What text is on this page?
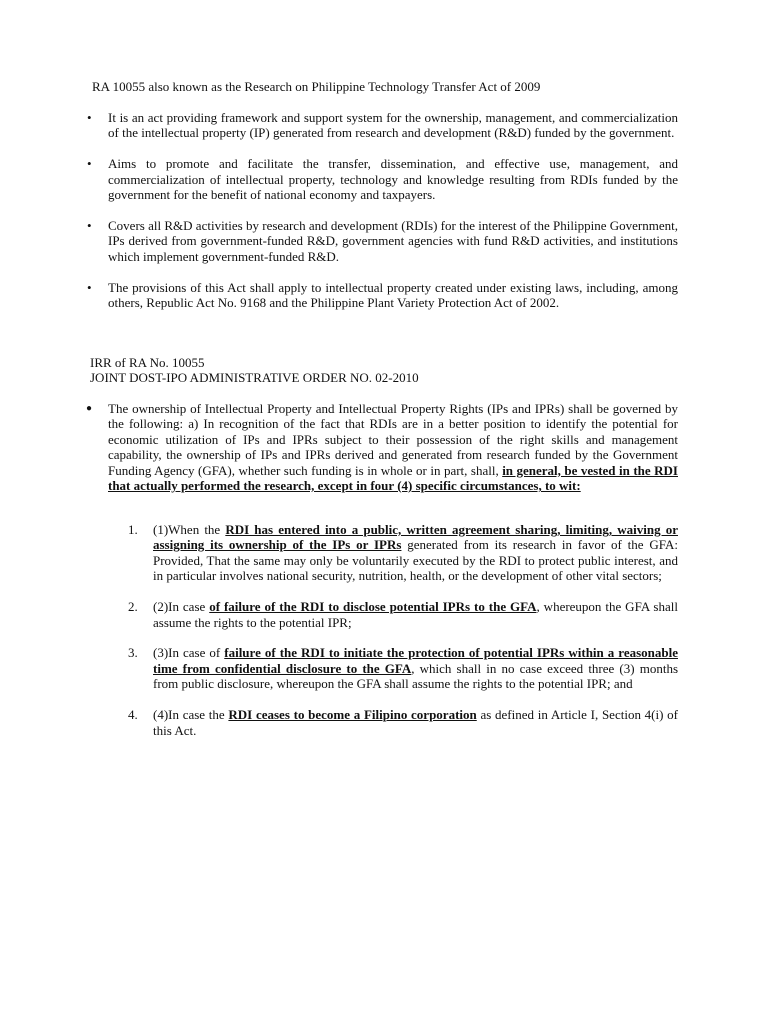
RA 10055 also known as the Research on Philippine Technology Transfer Act of 2009
• It is an act providing framework and support system for the ownership, management, and commercialization of the intellectual property (IP) generated from research and development (R&D) funded by the government.
• Aims to promote and facilitate the transfer, dissemination, and effective use, management, and commercialization of intellectual property, technology and knowledge resulting from RDIs funded by the government for the benefit of national economy and taxpayers.
• Covers all R&D activities by research and development (RDIs) for the interest of the Philippine Government, IPs derived from government-funded R&D, government agencies with fund R&D activities, and institutions which implement government-funded R&D.
• The provisions of this Act shall apply to intellectual property created under existing laws, including, among others, Republic Act No. 9168 and the Philippine Plant Variety Protection Act of 2002.
IRR of RA No. 10055
JOINT DOST-IPO ADMINISTRATIVE ORDER NO. 02-2010
● The ownership of Intellectual Property and Intellectual Property Rights (IPs and IPRs) shall be governed by the following: a) In recognition of the fact that RDIs are in a better position to identify the potential for economic utilization of IPs and IPRs subject to their possession of the right skills and management capability, the ownership of IPs and IPRs derived and generated from research funded by the Government Funding Agency (GFA), whether such funding is in whole or in part, shall, in general, be vested in the RDI that actually performed the research, except in four (4) specific circumstances, to wit:
1. (1)When the RDI has entered into a public, written agreement sharing, limiting, waiving or assigning its ownership of the IPs or IPRs generated from its research in favor of the GFA: Provided, That the same may only be voluntarily executed by the RDI to protect public interest, and in particular involves national security, nutrition, health, or the development of other vital sectors;
2. (2)In case of failure of the RDI to disclose potential IPRs to the GFA, whereupon the GFA shall assume the rights to the potential IPR;
3. (3)In case of failure of the RDI to initiate the protection of potential IPRs within a reasonable time from confidential disclosure to the GFA, which shall in no case exceed three (3) months from public disclosure, whereupon the GFA shall assume the rights to the potential IPR; and
4. (4)In case the RDI ceases to become a Filipino corporation as defined in Article I, Section 4(i) of this Act.
